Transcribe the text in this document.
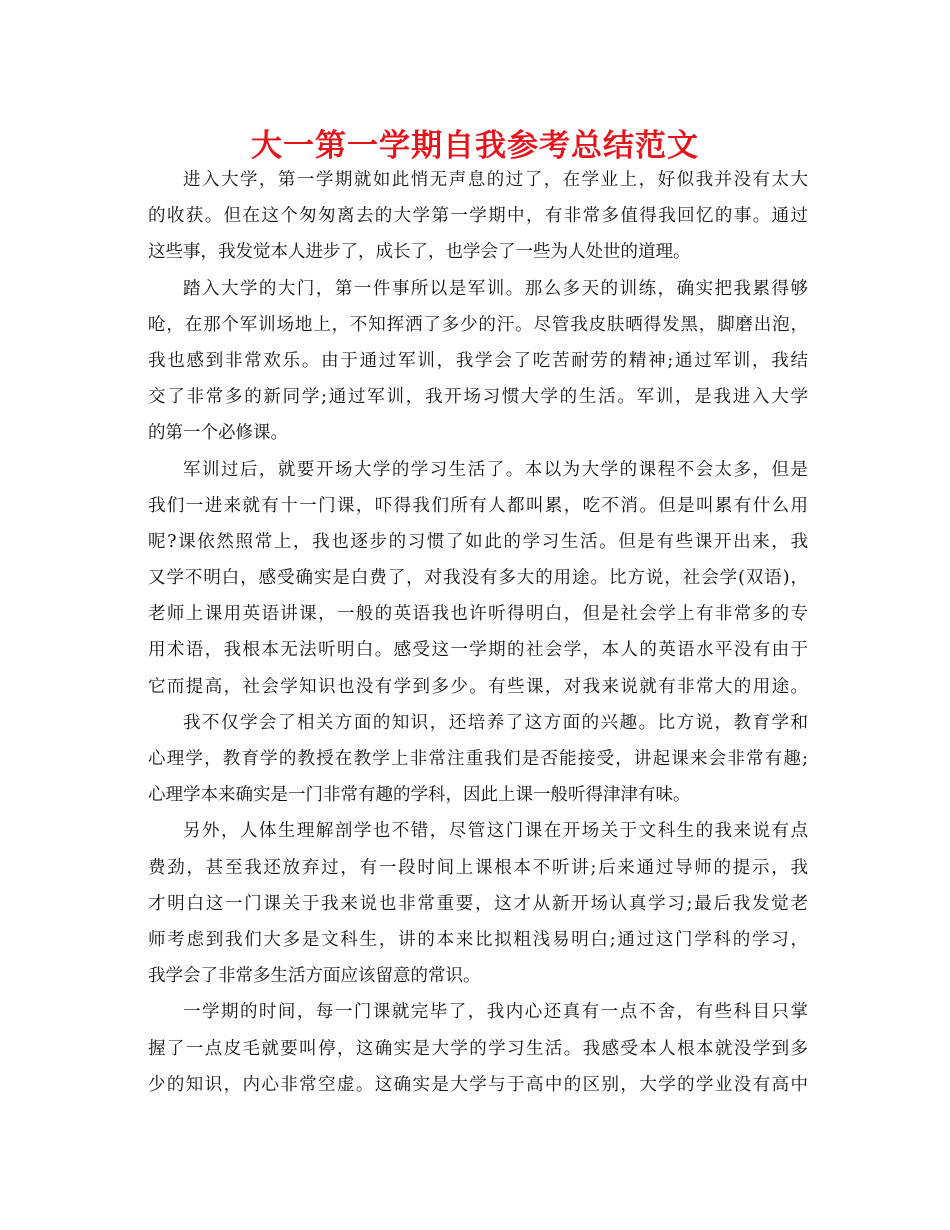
大一第一学期自我参考总结范文
进入大学，第一学期就如此悄无声息的过了，在学业上，好似我并没有太大
的收获。但在这个匆匆离去的大学第一学期中，有非常多值得我回忆的事。通过
这些事，我发觉本人进步了，成长了，也学会了一些为人处世的道理。
踏入大学的大门，第一件事所以是军训。那么多天的训练，确实把我累得够
呛，在那个军训场地上，不知挥洒了多少的汗。尽管我皮肤晒得发黑，脚磨出泡，
我也感到非常欢乐。由于通过军训，我学会了吃苦耐劳的精神;通过军训，我结
交了非常多的新同学;通过军训，我开场习惯大学的生活。军训，是我进入大学
的第一个必修课。
军训过后，就要开场大学的学习生活了。本以为大学的课程不会太多，但是
我们一进来就有十一门课，吓得我们所有人都叫累，吃不消。但是叫累有什么用
呢?课依然照常上，我也逐步的习惯了如此的学习生活。但是有些课开出来，我
又学不明白，感受确实是白费了，对我没有多大的用途。比方说，社会学(双语)，
老师上课用英语讲课，一般的英语我也许听得明白，但是社会学上有非常多的专
用术语，我根本无法听明白。感受这一学期的社会学，本人的英语水平没有由于
它而提高，社会学知识也没有学到多少。有些课，对我来说就有非常大的用途。
我不仅学会了相关方面的知识，还培养了这方面的兴趣。比方说，教育学和
心理学，教育学的教授在教学上非常注重我们是否能接受，讲起课来会非常有趣;
心理学本来确实是一门非常有趣的学科，因此上课一般听得津津有味。
另外，人体生理解剖学也不错，尽管这门课在开场关于文科生的我来说有点
费劲，甚至我还放弃过，有一段时间上课根本不听讲;后来通过导师的提示，我
才明白这一门课关于我来说也非常重要，这才从新开场认真学习;最后我发觉老
师考虑到我们大多是文科生，讲的本来比拟粗浅易明白;通过这门学科的学习，
我学会了非常多生活方面应该留意的常识。
一学期的时间，每一门课就完毕了，我内心还真有一点不舍，有些科目只掌
握了一点皮毛就要叫停，这确实是大学的学习生活。我感受本人根本就没学到多
少的知识，内心非常空虚。这确实是大学与于高中的区别，大学的学业没有高中
